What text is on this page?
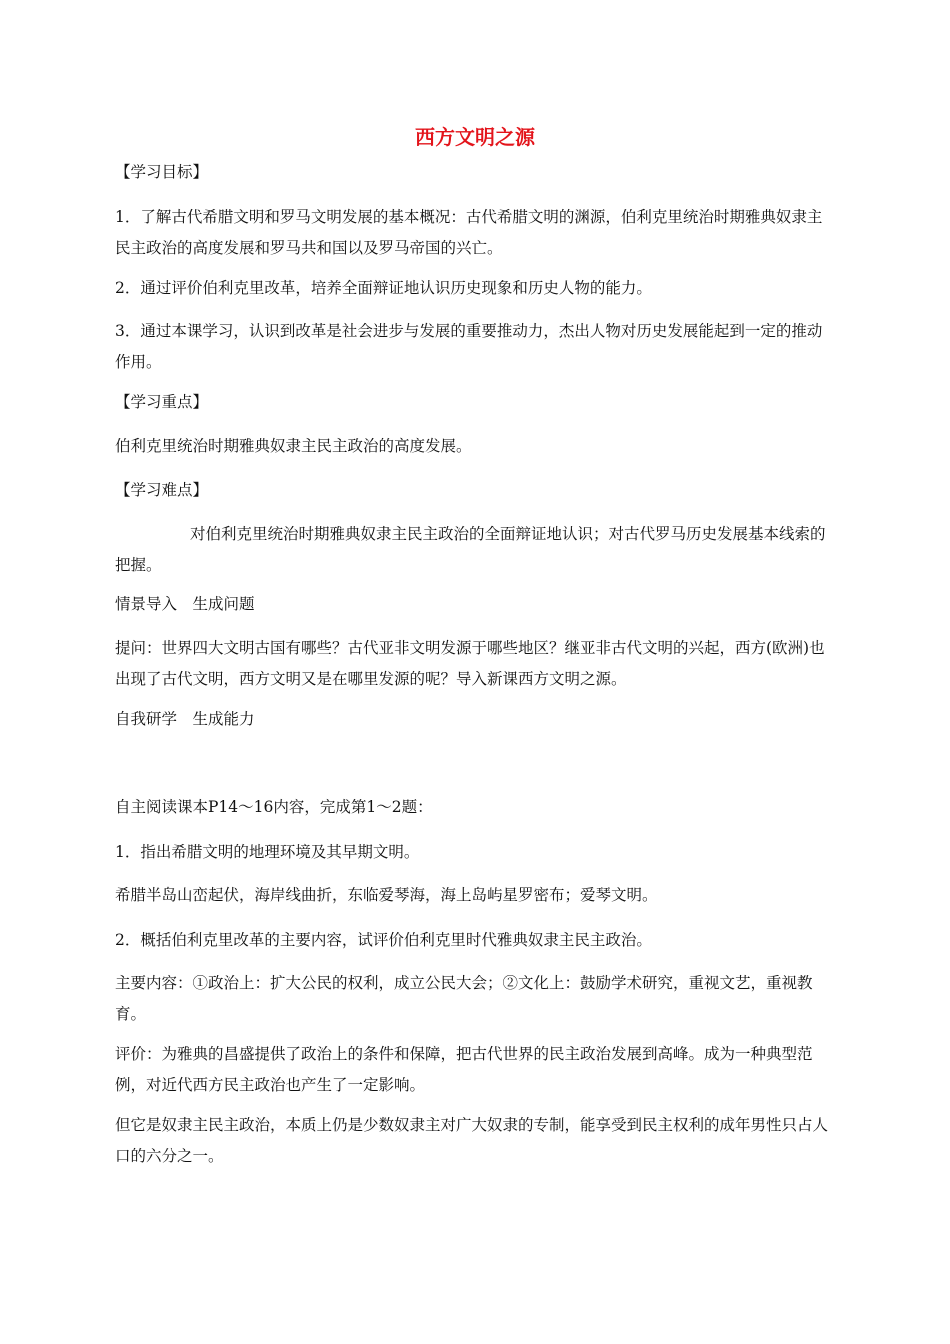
西方文明之源

【学习目标】

1．了解古代希腊文明和罗马文明发展的基本概况：古代希腊文明的渊源，伯利克里统治时期雅典奴隶主民主政治的高度发展和罗马共和国以及罗马帝国的兴亡。

2．通过评价伯利克里改革，培养全面辩证地认识历史现象和历史人物的能力。

3．通过本课学习，认识到改革是社会进步与发展的重要推动力，杰出人物对历史发展能起到一定的推动作用。

【学习重点】

伯利克里统治时期雅典奴隶主民主政治的高度发展。

【学习难点】

对伯利克里统治时期雅典奴隶主民主政治的全面辩证地认识；对古代罗马历史发展基本线索的把握。

情景导入　生成问题

提问：世界四大文明古国有哪些？古代亚非文明发源于哪些地区？继亚非古代文明的兴起，西方(欧洲)也出现了古代文明，西方文明又是在哪里发源的呢？导入新课西方文明之源。

自我研学　生成能力

自主阅读课本P14～16内容，完成第1～2题：

1．指出希腊文明的地理环境及其早期文明。

希腊半岛山峦起伏，海岸线曲折，东临爱琴海，海上岛屿星罗密布；爱琴文明。

2．概括伯利克里改革的主要内容，试评价伯利克里时代雅典奴隶主民主政治。

主要内容：①政治上：扩大公民的权利，成立公民大会；②文化上：鼓励学术研究，重视文艺，重视教育。

评价：为雅典的昌盛提供了政治上的条件和保障，把古代世界的民主政治发展到高峰。成为一种典型范例，对近代西方民主政治也产生了一定影响。

但它是奴隶主民主政治，本质上仍是少数奴隶主对广大奴隶的专制，能享受到民主权利的成年男性只占人口的六分之一。
